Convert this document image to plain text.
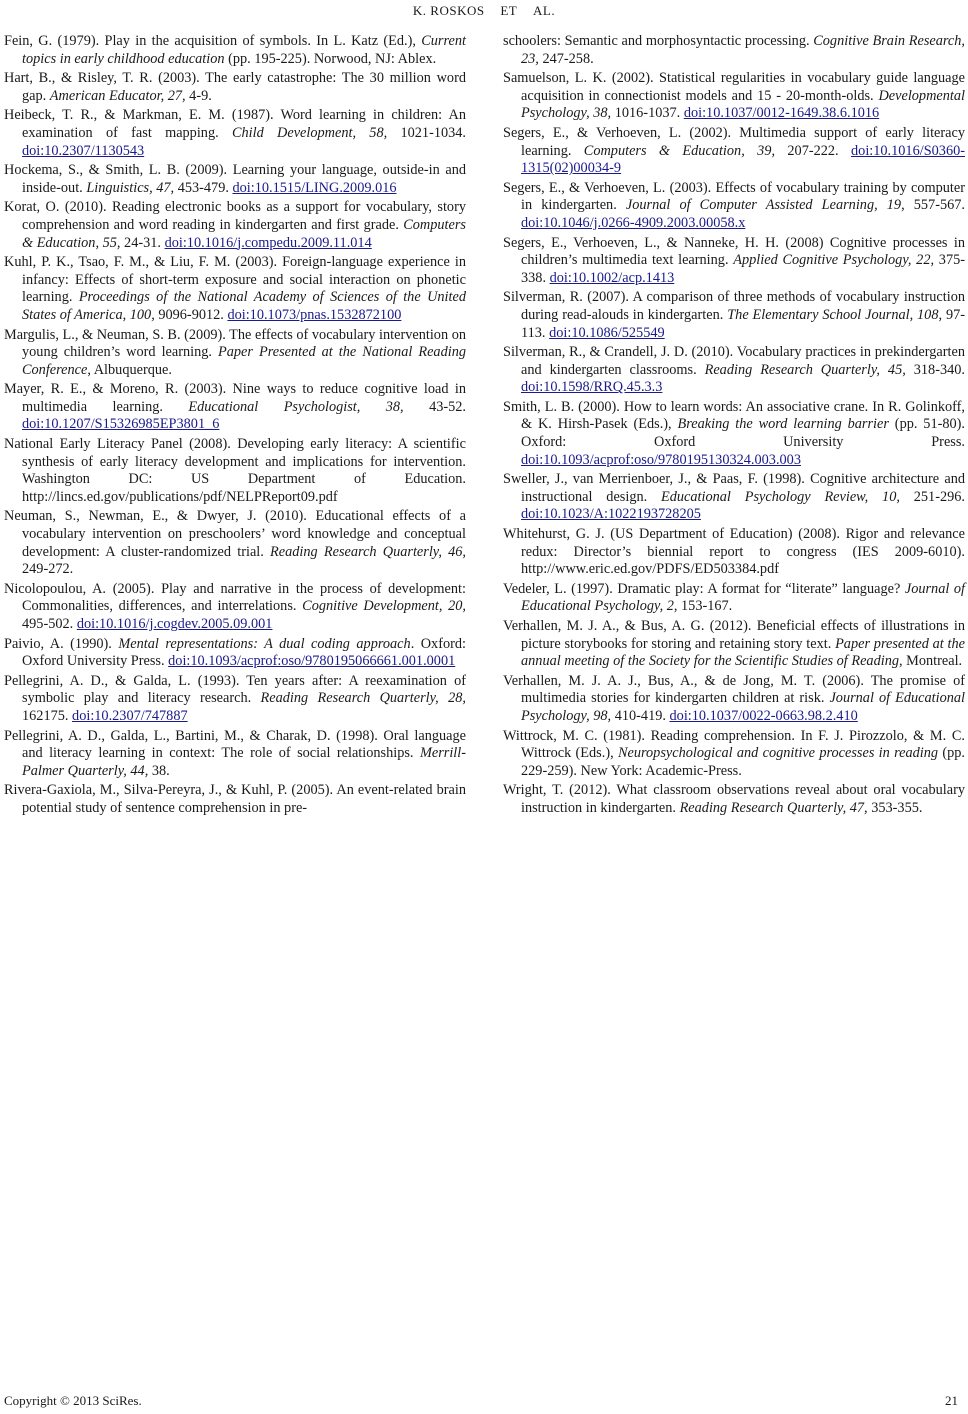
K. ROSKOS ET AL.

Fein, G. (1979). Play in the acquisition of symbols. In L. Katz (Ed.), Current topics in early childhood education (pp. 195-225). Norwood, NJ: Ablex.

Hart, B., & Risley, T. R. (2003). The early catastrophe: The 30 million word gap. American Educator, 27, 4-9.

Heibeck, T. R., & Markman, E. M. (1987). Word learning in children: An examination of fast mapping. Child Development, 58, 1021-1034. doi:10.2307/1130543

Hockema, S., & Smith, L. B. (2009). Learning your language, outside-in and inside-out. Linguistics, 47, 453-479. doi:10.1515/LING.2009.016

Korat, O. (2010). Reading electronic books as a support for vocabulary, story comprehension and word reading in kindergarten and first grade. Computers & Education, 55, 24-31. doi:10.1016/j.compedu.2009.11.014

Kuhl, P. K., Tsao, F. M., & Liu, F. M. (2003). Foreign-language experience in infancy: Effects of short-term exposure and social interaction on phonetic learning. Proceedings of the National Academy of Sciences of the United States of America, 100, 9096-9012. doi:10.1073/pnas.1532872100

Margulis, L., & Neuman, S. B. (2009). The effects of vocabulary intervention on young children’s word learning. Paper Presented at the National Reading Conference, Albuquerque.

Mayer, R. E., & Moreno, R. (2003). Nine ways to reduce cognitive load in multimedia learning. Educational Psychologist, 38, 43-52. doi:10.1207/S15326985EP3801_6

National Early Literacy Panel (2008). Developing early literacy: A scientific synthesis of early literacy development and implications for intervention. Washington DC: US Department of Education. http://lincs.ed.gov/publications/pdf/NELPReport09.pdf

Neuman, S., Newman, E., & Dwyer, J. (2010). Educational effects of a vocabulary intervention on preschoolers’ word knowledge and conceptual development: A cluster-randomized trial. Reading Research Quarterly, 46, 249-272.

Nicolopoulou, A. (2005). Play and narrative in the process of development: Commonalities, differences, and interrelations. Cognitive Development, 20, 495-502. doi:10.1016/j.cogdev.2005.09.001

Paivio, A. (1990). Mental representations: A dual coding approach. Oxford: Oxford University Press. doi:10.1093/acprof:oso/9780195066661.001.0001

Pellegrini, A. D., & Galda, L. (1993). Ten years after: A reexamination of symbolic play and literacy research. Reading Research Quarterly, 28, 162175. doi:10.2307/747887

Pellegrini, A. D., Galda, L., Bartini, M., & Charak, D. (1998). Oral language and literacy learning in context: The role of social relationships. Merrill-Palmer Quarterly, 44, 38.

Rivera-Gaxiola, M., Silva-Pereyra, J., & Kuhl, P. (2005). An event-related brain potential study of sentence comprehension in pre-

schoolers: Semantic and morphosyntactic processing. Cognitive Brain Research, 23, 247-258.

Samuelson, L. K. (2002). Statistical regularities in vocabulary guide language acquisition in connectionist models and 15 - 20-month-olds. Developmental Psychology, 38, 1016-1037. doi:10.1037/0012-1649.38.6.1016

Segers, E., & Verhoeven, L. (2002). Multimedia support of early literacy learning. Computers & Education, 39, 207-222. doi:10.1016/S0360-1315(02)00034-9

Segers, E., & Verhoeven, L. (2003). Effects of vocabulary training by computer in kindergarten. Journal of Computer Assisted Learning, 19, 557-567. doi:10.1046/j.0266-4909.2003.00058.x

Segers, E., Verhoeven, L., & Nanneke, H. H. (2008) Cognitive processes in children’s multimedia text learning. Applied Cognitive Psychology, 22, 375-338. doi:10.1002/acp.1413

Silverman, R. (2007). A comparison of three methods of vocabulary instruction during read-alouds in kindergarten. The Elementary School Journal, 108, 97-113. doi:10.1086/525549

Silverman, R., & Crandell, J. D. (2010). Vocabulary practices in prekindergarten and kindergarten classrooms. Reading Research Quarterly, 45, 318-340. doi:10.1598/RRQ.45.3.3

Smith, L. B. (2000). How to learn words: An associative crane. In R. Golinkoff, & K. Hirsh-Pasek (Eds.), Breaking the word learning barrier (pp. 51-80). Oxford: Oxford University Press. doi:10.1093/acprof:oso/9780195130324.003.003

Sweller, J., van Merrienboer, J., & Paas, F. (1998). Cognitive architecture and instructional design. Educational Psychology Review, 10, 251-296. doi:10.1023/A:1022193728205

Whitehurst, G. J. (US Department of Education) (2008). Rigor and relevance redux: Director’s biennial report to congress (IES 2009-6010). http://www.eric.ed.gov/PDFS/ED503384.pdf

Vedeler, L. (1997). Dramatic play: A format for “literate” language? Journal of Educational Psychology, 2, 153-167.

Verhallen, M. J. A., & Bus, A. G. (2012). Beneficial effects of illustrations in picture storybooks for storing and retaining story text. Paper presented at the annual meeting of the Society for the Scientific Studies of Reading, Montreal.

Verhallen, M. J. A. J., Bus, A., & de Jong, M. T. (2006). The promise of multimedia stories for kindergarten children at risk. Journal of Educational Psychology, 98, 410-419. doi:10.1037/0022-0663.98.2.410

Wittrock, M. C. (1981). Reading comprehension. In F. J. Pirozzolo, & M. C. Wittrock (Eds.), Neuropsychological and cognitive processes in reading (pp. 229-259). New York: Academic-Press.

Wright, T. (2012). What classroom observations reveal about oral vocabulary instruction in kindergarten. Reading Research Quarterly, 47, 353-355.

Copyright © 2013 SciRes.	21
